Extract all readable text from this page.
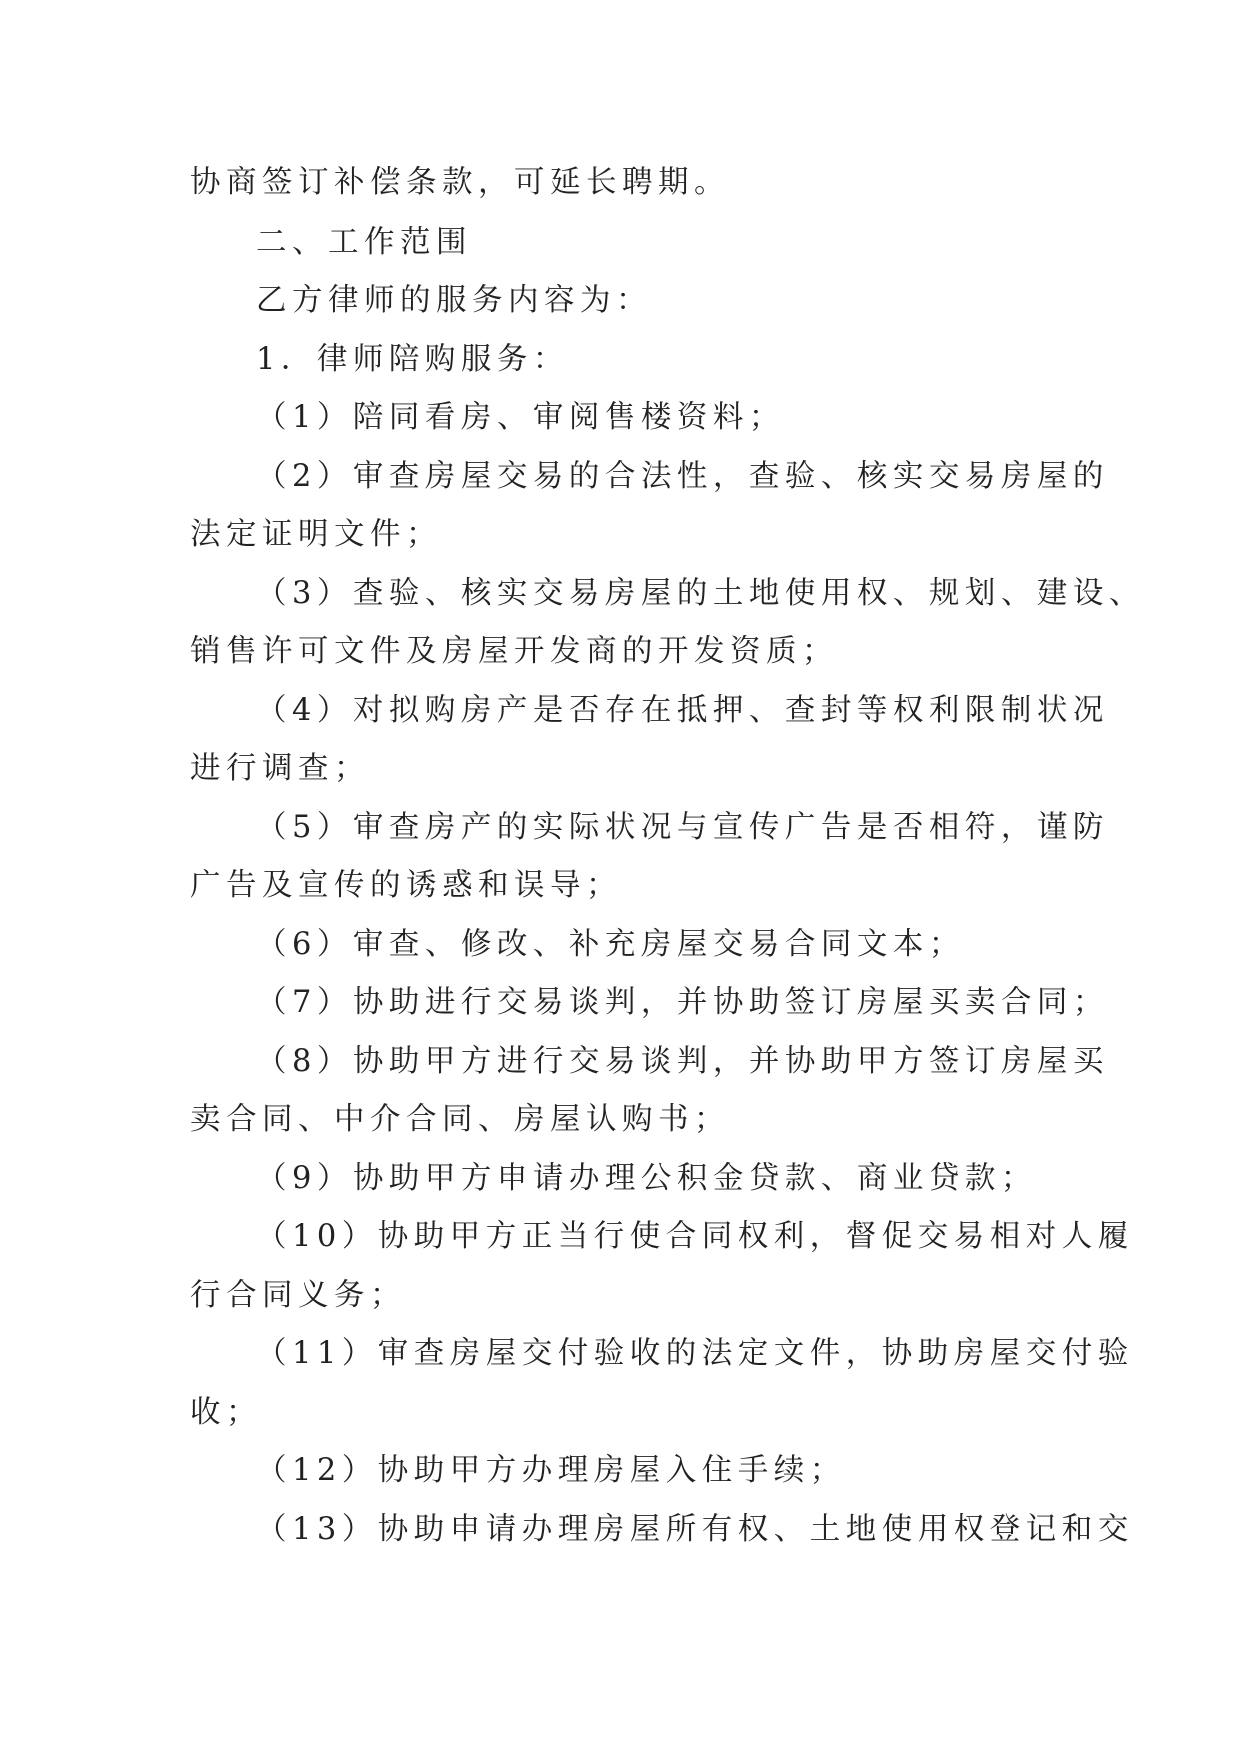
协商签订补偿条款，可延长聘期。

二、工作范围

乙方律师的服务内容为：

1．律师陪购服务：

（1）陪同看房、审阅售楼资料；

（2）审查房屋交易的合法性，查验、核实交易房屋的

法定证明文件；

（3）查验、核实交易房屋的土地使用权、规划、建设、

销售许可文件及房屋开发商的开发资质；

（4）对拟购房产是否存在抵押、查封等权利限制状况

进行调查；

（5）审查房产的实际状况与宣传广告是否相符，谨防

广告及宣传的诱惑和误导；

（6）审查、修改、补充房屋交易合同文本；

（7）协助进行交易谈判，并协助签订房屋买卖合同；

（8）协助甲方进行交易谈判，并协助甲方签订房屋买

卖合同、中介合同、房屋认购书；

（9）协助甲方申请办理公积金贷款、商业贷款；

（10）协助甲方正当行使合同权利，督促交易相对人履

行合同义务；

（11）审查房屋交付验收的法定文件，协助房屋交付验

收；

（12）协助甲方办理房屋入住手续；

（13）协助申请办理房屋所有权、土地使用权登记和交
